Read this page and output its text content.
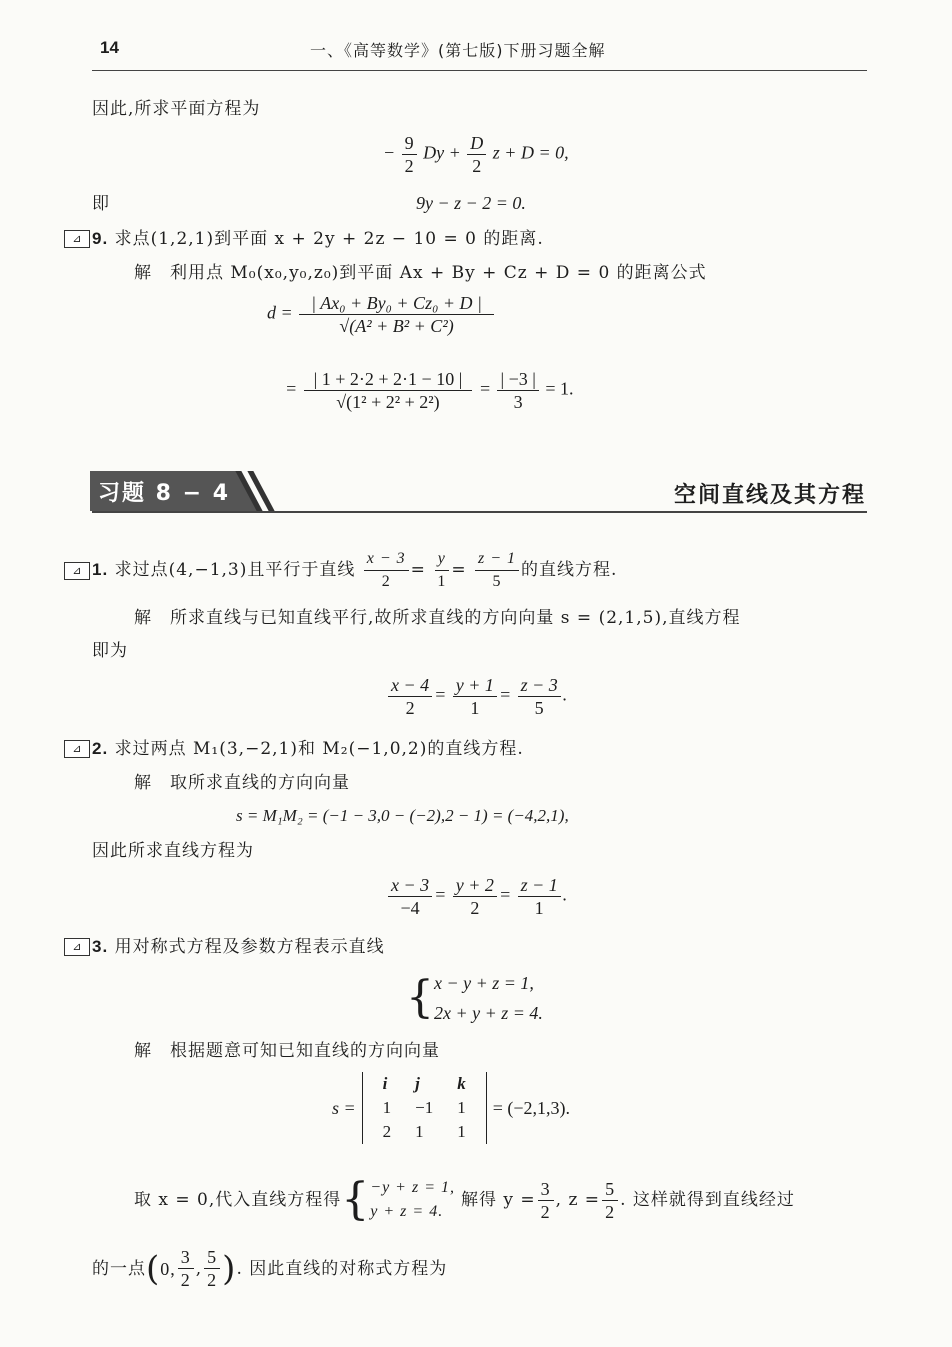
14	一、《高等数学》(第七版)下册习题全解
因此,所求平面方程为
− $\frac{9}{2}$ $Dy + \frac{D}{2}$ z + D = 0,
即	9y − z − 2 = 0.
⊿ 9. 求点(1,2,1)到平面 x + 2y + 2z − 10 = 0 的距离.
解　利用点 M₀(x₀,y₀,z₀)到平面 Ax + By + Cz + D = 0 的距离公式
$d = \frac{\text{| Ax₀ + By₀ + Cz₀ + D |}}{\text{√(A² + B² + C²)}}$
= $\frac{| 1 + 2\cdot 2 + 2\cdot 1 - 10 |}{\text{√(1² + 2² + 2²)}} = \frac{| -3 |}{3} = 1$.
习题 8 − 4	空间直线及其方程
⊿ 1. 求过点(4,−1,3)且平行于直线 $\frac{x - 3}{2} = \frac{y}{1} = \frac{z - 1}{5}$ 的直线方程.
解　所求直线与已知直线平行,故所求直线的方向向量 s = (2,1,5),直线方程
即为
$\frac{x - 4}{2} = \frac{y + 1}{1} = \frac{z - 3}{5}$ .
⊿ 2. 求过两点 M₁(3,−2,1)和 M₂(−1,0,2)的直线方程.
解　取所求直线的方向向量
s = M₁M₂ = (−1 − 3,0 − (−2),2 − 1) = (−4,2,1),
因此所求直线方程为
$\frac{x - 3}{-4} = \frac{y + 2}{2} = \frac{z - 1}{1}$ .
⊿ 3. 用对称式方程及参数方程表示直线
{ x − y + z = 1,
2x + y + z = 4.
解　根据题意可知已知直线的方向向量
s =
i	j	k
1	−1	1
2	1	1
= (−2,1,3).
取 x = 0,代入直线方程得 { −y + z = 1,
y + z = 4.
解得 $y = \frac{3}{2}$ , $z = \frac{5}{2}$ . 这样就得到直线经过
的一点 ( 0, $\frac{3}{2}$ , $\frac{5}{2}$ ) . 因此直线的对称式方程为
